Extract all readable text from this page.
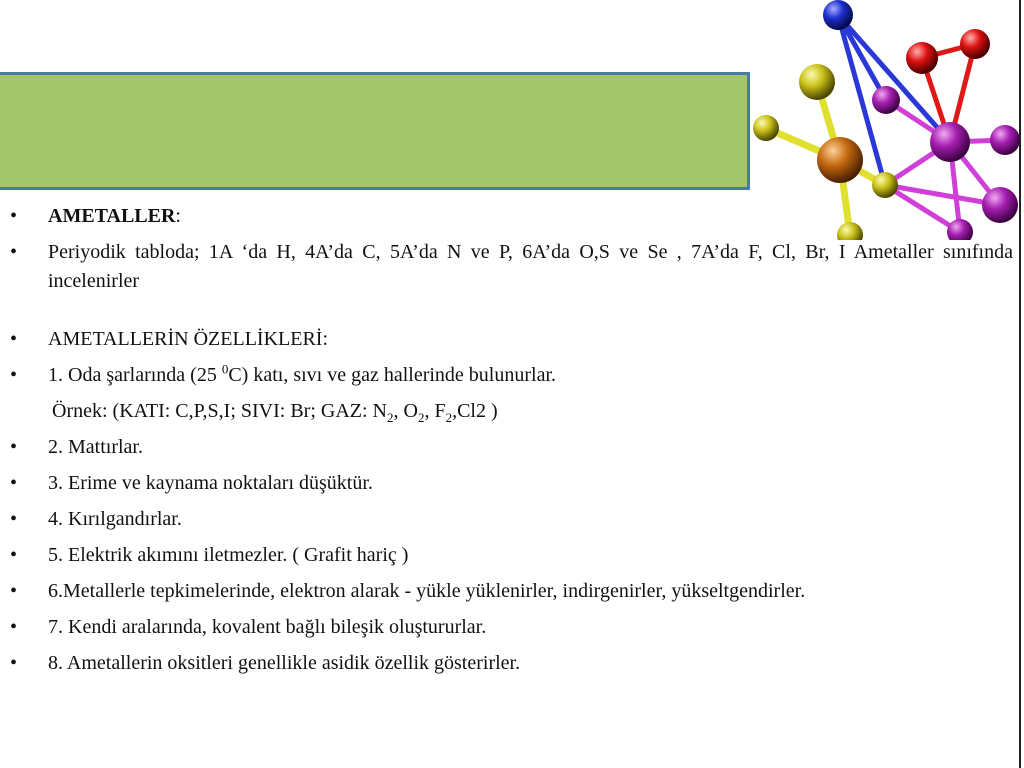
• AMETALLER:
• Periyodik tabloda; 1A ‘da H, 4A’da C, 5A’da N ve P, 6A’da O,S ve Se , 7A’da F, Cl, Br, I Ametaller sınıfında incelenirler
• AMETALLERİN ÖZELLİKLERİ:
• 1. Oda şarlarında (25 $^0$C) katı, sıvı ve gaz hallerinde bulunurlar.
Örnek: (KATI: C,P,S,I; SIVI: Br; GAZ: $N_2$, $O_2$, $F_2,Cl2$ )
• 2. Mattırlar.
• 3. Erime ve kaynama noktaları düşüktür.
• 4. Kırılgandırlar.
• 5. Elektrik akımını iletmezler. ( Grafit hariç )
• 6.Metallerle tepkimelerinde, elektron alarak - yükle yüklenirler, indirgenirler, yükseltgendirler.
• 7. Kendi aralarında, kovalent bağlı bileşik oluştururlar.
• 8. Ametallerin oksitleri genellikle asidik özellik gösterirler.
